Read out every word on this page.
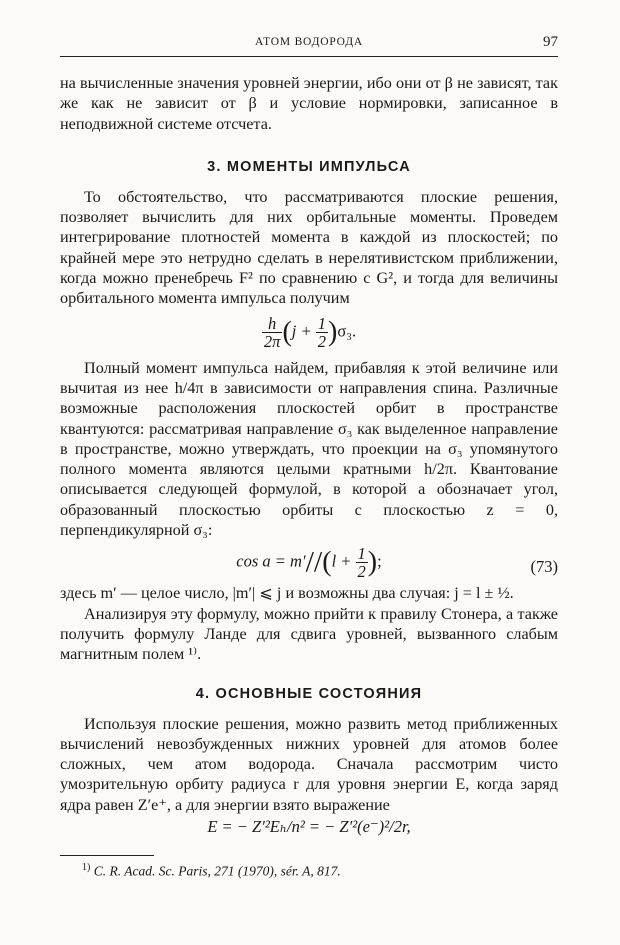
АТОМ ВОДОРОДА	97

на вычисленные значения уровней энергии, ибо они от β не зависят, так же как не зависит от β и условие нормировки, записанное в неподвижной системе отсчета.

3. МОМЕНТЫ ИМПУЛЬСА

То обстоятельство, что рассматриваются плоские решения, позволяет вычислить для них орбитальные моменты. Проведем интегрирование плотностей момента в каждой из плоскостей; по крайней мере это нетрудно сделать в нерелятивистском приближении, когда можно пренебречь F² по сравнению с G², и тогда для величины орбитального момента импульса получим

$\frac{h}{2\pi} (j + \frac{1}{2} )\sigma_3$.

Полный момент импульса найдем, прибавляя к этой величине или вычитая из нее h/4π в зависимости от направления спина. Различные возможные расположения плоскостей орбит в пространстве квантуются: рассматривая направление σ₃ как выделенное направление в пространстве, можно утверждать, что проекции на σ₃ упомянутого полного момента являются целыми кратными h/2π. Квантование описывается следующей формулой, в которой a обозначает угол, образованный плоскостью орбиты с плоскостью z = 0, перпендикулярной σ₃:

$\cos a = m'//(l + \frac{1}{2}$ );	(73)

здесь m′ — целое число, |m′| ⩽ j и возможны два случая: j = l ± ½.

Анализируя эту формулу, можно прийти к правилу Стонера, а также получить формулу Ланде для сдвига уровней, вызванного слабым магнитным полем ¹⁾.

4. ОСНОВНЫЕ СОСТОЯНИЯ

Используя плоские решения, можно развить метод приближенных вычислений невозбужденных нижних уровней для атомов более сложных, чем атом водорода. Сначала рассмотрим чисто умозрительную орбиту радиуса r для уровня энергии E, когда заряд ядра равен Z′e⁺, а для энергии взято выражение

E = − Z′²Eₕ/n² = − Z′²(e⁻)²/2r,
$^{1)}$ C. R. Acad. Sc. Paris, 271 (1970), sér. A, 817.
